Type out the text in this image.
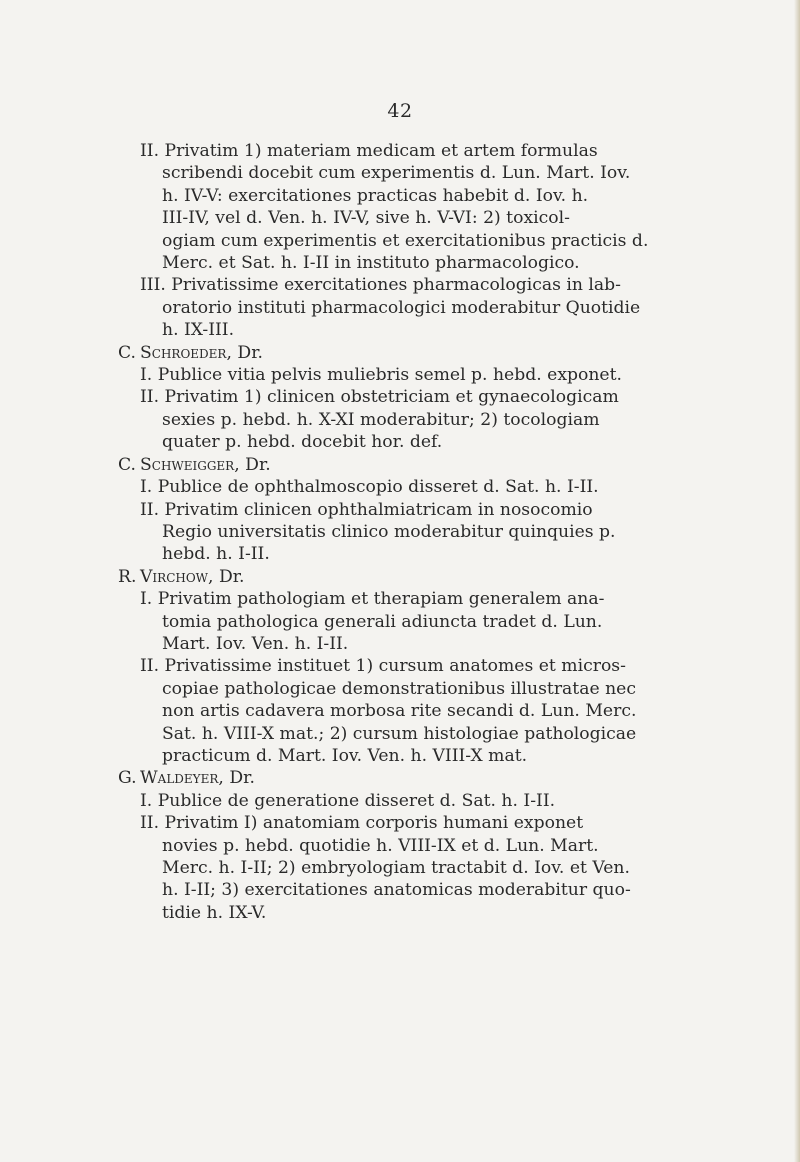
42

II. Privatim 1) materiam medicam et artem formulas
scribendi docebit cum experimentis d. Lun. Mart. Iov.
h. IV-V: exercitationes practicas habebit d. Iov. h.
III-IV, vel d. Ven. h. IV-V, sive h. V-VI: 2) toxicol-
ogiam cum experimentis et exercitationibus practicis d.
Merc. et Sat. h. I-II in instituto pharmacologico.

III. Privatissime exercitationes pharmacologicas in lab-
oratorio instituti pharmacologici moderabitur Quotidie
h. IX-III.

C. Schroeder, Dr.

I. Publice vitia pelvis muliebris semel p. hebd. exponet.

II. Privatim 1) clinicen obstetriciam et gynaecologicam
sexies p. hebd. h. X-XI moderabitur; 2) tocologiam
quater p. hebd. docebit hor. def.

C. Schweigger, Dr.

I. Publice de ophthalmoscopio disseret d. Sat. h. I-II.

II. Privatim clinicen ophthalmiatricam in nosocomio
Regio universitatis clinico moderabitur quinquies p.
hebd. h. I-II.

R. Virchow, Dr.

I. Privatim pathologiam et therapiam generalem ana-
tomia pathologica generali adiuncta tradet d. Lun.
Mart. Iov. Ven. h. I-II.

II. Privatissime instituet 1) cursum anatomes et micros-
copiae pathologicae demonstrationibus illustratae nec
non artis cadavera morbosa rite secandi d. Lun. Merc.
Sat. h. VIII-X mat.; 2) cursum histologiae pathologicae
practicum d. Mart. Iov. Ven. h. VIII-X mat.

G. Waldeyer, Dr.

I. Publice de generatione disseret d. Sat. h. I-II.

II. Privatim I) anatomiam corporis humani exponet
novies p. hebd. quotidie h. VIII-IX et d. Lun. Mart.
Merc. h. I-II; 2) embryologiam tractabit d. Iov. et Ven.
h. I-II; 3) exercitationes anatomicas moderabitur quo-
tidie h. IX-V.
